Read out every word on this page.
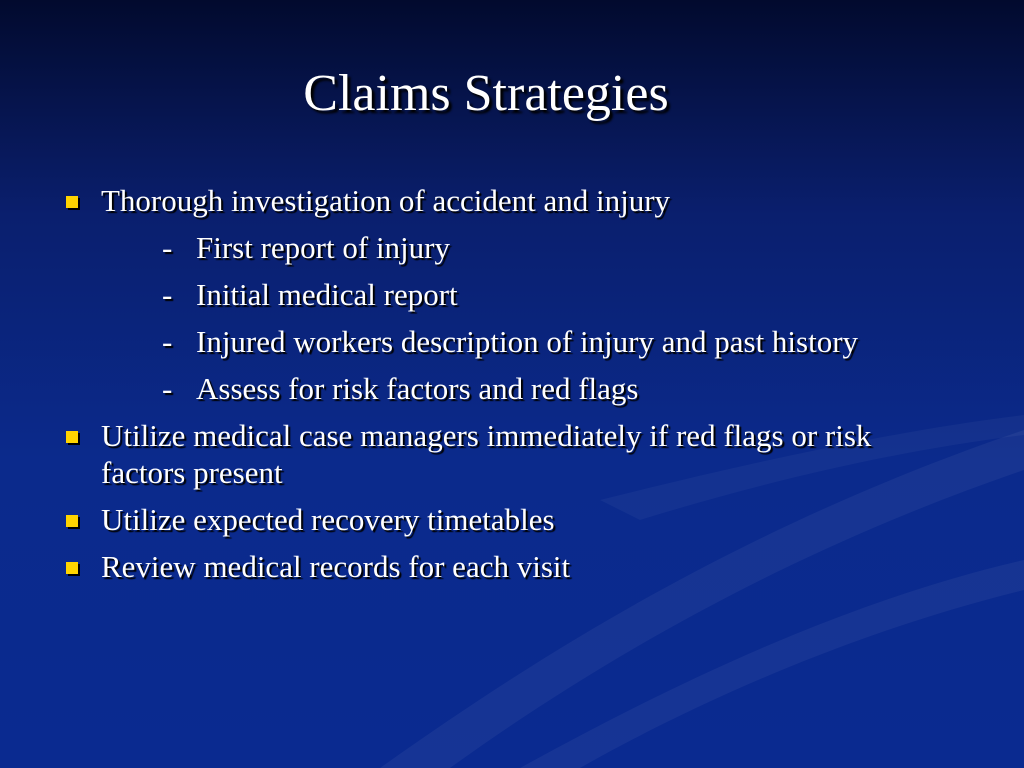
Claims Strategies
Thorough investigation of accident and injury
- First report of injury
- Initial medical report
- Injured workers description of injury and past history
- Assess for risk factors and red flags
Utilize medical case managers immediately if red flags or risk factors present
Utilize expected recovery timetables
Review medical records for each visit
